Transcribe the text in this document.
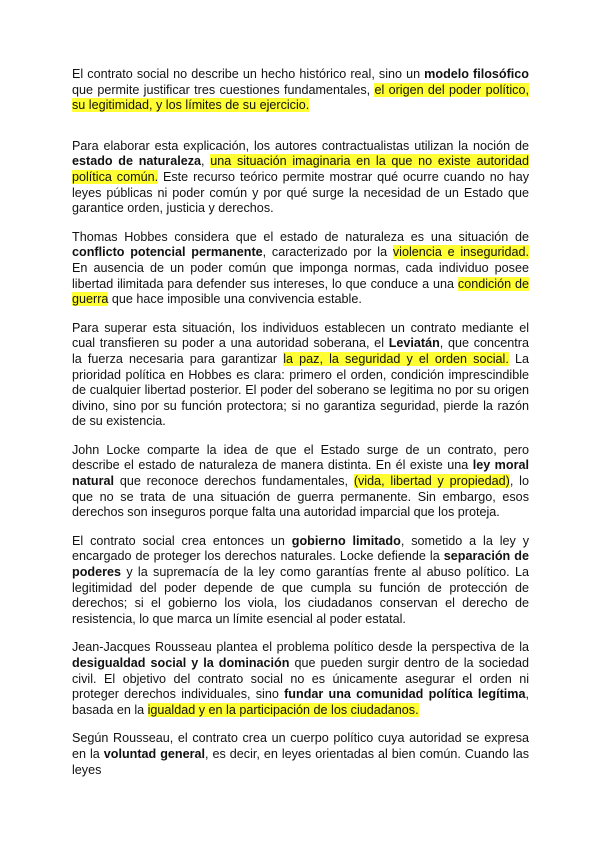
El contrato social no describe un hecho histórico real, sino un modelo filosófico que permite justificar tres cuestiones fundamentales, el origen del poder político, su legitimidad, y los límites de su ejercicio.

Para elaborar esta explicación, los autores contractualistas utilizan la noción de estado de naturaleza, una situación imaginaria en la que no existe autoridad política común. Este recurso teórico permite mostrar qué ocurre cuando no hay leyes públicas ni poder común y por qué surge la necesidad de un Estado que garantice orden, justicia y derechos.

Thomas Hobbes considera que el estado de naturaleza es una situación de conflicto potencial permanente, caracterizado por la violencia e inseguridad. En ausencia de un poder común que imponga normas, cada individuo posee libertad ilimitada para defender sus intereses, lo que conduce a una condición de guerra que hace imposible una convivencia estable.

Para superar esta situación, los individuos establecen un contrato mediante el cual transfieren su poder a una autoridad soberana, el Leviatán, que concentra la fuerza necesaria para garantizar la paz, la seguridad y el orden social. La prioridad política en Hobbes es clara: primero el orden, condición imprescindible de cualquier libertad posterior. El poder del soberano se legitima no por su origen divino, sino por su función protectora; si no garantiza seguridad, pierde la razón de su existencia.

John Locke comparte la idea de que el Estado surge de un contrato, pero describe el estado de naturaleza de manera distinta. En él existe una ley moral natural que reconoce derechos fundamentales, (vida, libertad y propiedad), lo que no se trata de una situación de guerra permanente. Sin embargo, esos derechos son inseguros porque falta una autoridad imparcial que los proteja.

El contrato social crea entonces un gobierno limitado, sometido a la ley y encargado de proteger los derechos naturales. Locke defiende la separación de poderes y la supremacía de la ley como garantías frente al abuso político. La legitimidad del poder depende de que cumpla su función de protección de derechos; si el gobierno los viola, los ciudadanos conservan el derecho de resistencia, lo que marca un límite esencial al poder estatal.

Jean-Jacques Rousseau plantea el problema político desde la perspectiva de la desigualdad social y la dominación que pueden surgir dentro de la sociedad civil. El objetivo del contrato social no es únicamente asegurar el orden ni proteger derechos individuales, sino fundar una comunidad política legítima, basada en la igualdad y en la participación de los ciudadanos.

Según Rousseau, el contrato crea un cuerpo político cuya autoridad se expresa en la voluntad general, es decir, en leyes orientadas al bien común. Cuando las leyes
